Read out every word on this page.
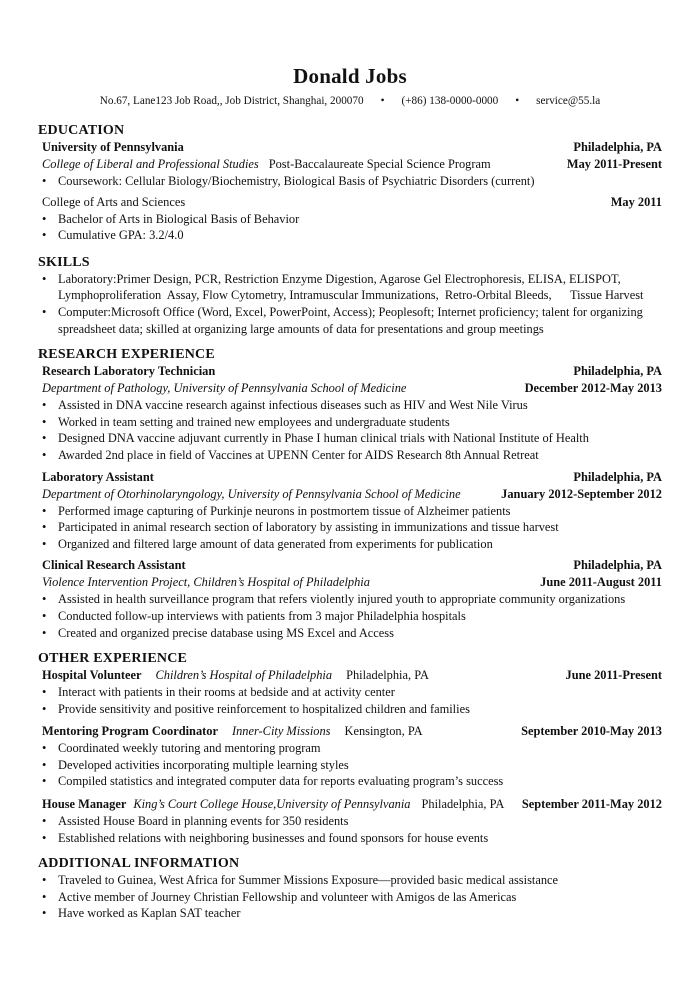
Donald Jobs
No.67, Lane123 Job Road,, Job District, Shanghai, 200070 • (+86) 138-0000-0000 • service@55.la
EDUCATION
University of Pennsylvania	Philadelphia, PA
College of Liberal and Professional Studies Post-Baccalaureate Special Science Program	May 2011-Present
• Coursework: Cellular Biology/Biochemistry, Biological Basis of Psychiatric Disorders (current)
College of Arts and Sciences	May 2011
• Bachelor of Arts in Biological Basis of Behavior
• Cumulative GPA: 3.2/4.0
SKILLS
• Laboratory:Primer Design, PCR, Restriction Enzyme Digestion, Agarose Gel Electrophoresis, ELISA, ELISPOT,
Lymphoproliferation  Assay, Flow Cytometry, Intramuscular Immunizations,  Retro-Orbital Bleeds,      Tissue Harvest
• Computer:Microsoft Office (Word, Excel, PowerPoint, Access); Peoplesoft; Internet proficiency; talent for organizing
spreadsheet data; skilled at organizing large amounts of data for presentations and group meetings
RESEARCH EXPERIENCE
Research Laboratory Technician	Philadelphia, PA
Department of Pathology, University of Pennsylvania School of Medicine	December 2012-May 2013
• Assisted in DNA vaccine research against infectious diseases such as HIV and West Nile Virus
• Worked in team setting and trained new employees and undergraduate students
• Designed DNA vaccine adjuvant currently in Phase I human clinical trials with National Institute of Health
• Awarded 2nd place in field of Vaccines at UPENN Center for AIDS Research 8th Annual Retreat
Laboratory Assistant	Philadelphia, PA
Department of Otorhinolaryngology, University of Pennsylvania School of Medicine	January 2012-September 2012
• Performed image capturing of Purkinje neurons in postmortem tissue of Alzheimer patients
• Participated in animal research section of laboratory by assisting in immunizations and tissue harvest
• Organized and filtered large amount of data generated from experiments for publication
Clinical Research Assistant	Philadelphia, PA
Violence Intervention Project, Children’s Hospital of Philadelphia	June 2011-August 2011
• Assisted in health surveillance program that refers violently injured youth to appropriate community organizations
• Conducted follow-up interviews with patients from 3 major Philadelphia hospitals
• Created and organized precise database using MS Excel and Access
OTHER EXPERIENCE
Hospital Volunteer Children’s Hospital of Philadelphia Philadelphia, PA	June 2011-Present
• Interact with patients in their rooms at bedside and at activity center
• Provide sensitivity and positive reinforcement to hospitalized children and families
Mentoring Program Coordinator Inner-City Missions Kensington, PA	September 2010-May 2013
• Coordinated weekly tutoring and mentoring program
• Developed activities incorporating multiple learning styles
• Compiled statistics and integrated computer data for reports evaluating program’s success
House Manager King’s Court College House,University of Pennsylvania Philadelphia, PA September 2011-May 2012
• Assisted House Board in planning events for 350 residents
• Established relations with neighboring businesses and found sponsors for house events
ADDITIONAL INFORMATION
• Traveled to Guinea, West Africa for Summer Missions Exposure—provided basic medical assistance
• Active member of Journey Christian Fellowship and volunteer with Amigos de las Americas
• Have worked as Kaplan SAT teacher
